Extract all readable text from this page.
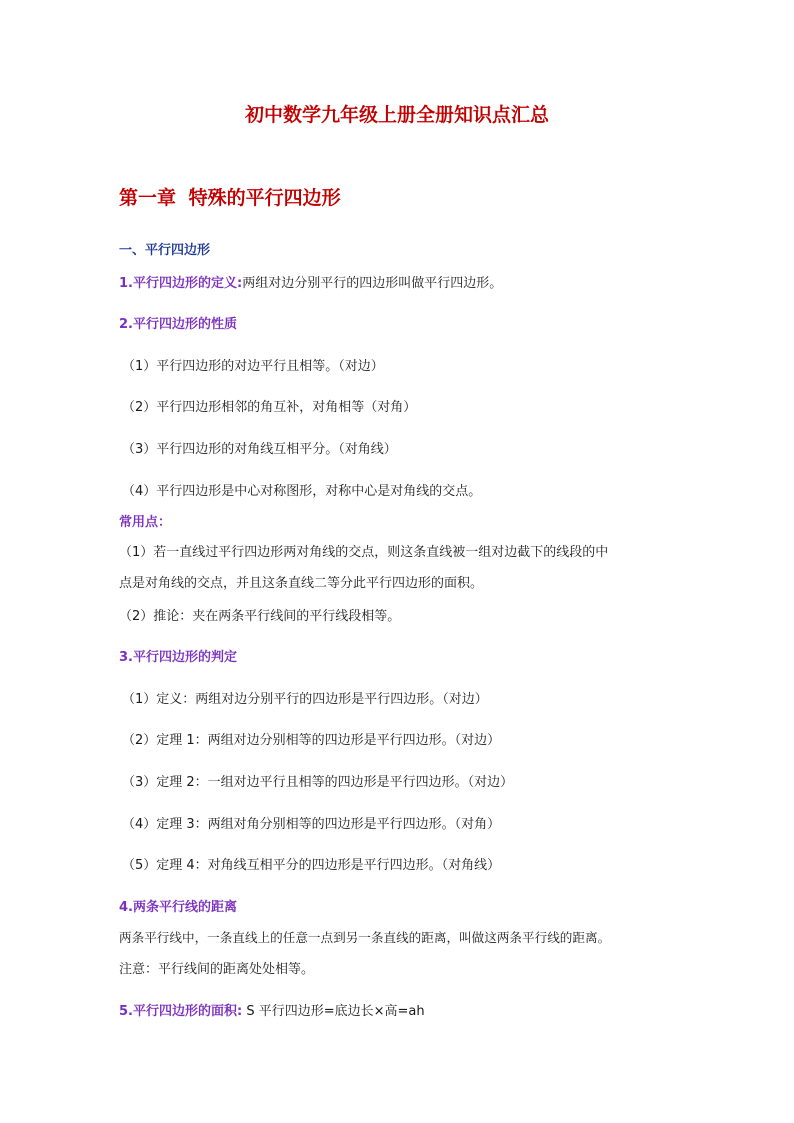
初中数学九年级上册全册知识点汇总
第一章 特殊的平行四边形
一、平行四边形
1.平行四边形的定义:两组对边分别平行的四边形叫做平行四边形。
2.平行四边形的性质
（1）平行四边形的对边平行且相等。（对边）
（2）平行四边形相邻的角互补，对角相等（对角）
（3）平行四边形的对角线互相平分。（对角线）
（4）平行四边形是中心对称图形，对称中心是对角线的交点。
常用点：
（1）若一直线过平行四边形两对角线的交点，则这条直线被一组对边截下的线段的中
点是对角线的交点，并且这条直线二等分此平行四边形的面积。
（2）推论：夹在两条平行线间的平行线段相等。
3.平行四边形的判定
（1）定义：两组对边分别平行的四边形是平行四边形。（对边）
（2）定理 1：两组对边分别相等的四边形是平行四边形。（对边）
（3）定理 2：一组对边平行且相等的四边形是平行四边形。（对边）
（4）定理 3：两组对角分别相等的四边形是平行四边形。（对角）
（5）定理 4：对角线互相平分的四边形是平行四边形。（对角线）
4.两条平行线的距离
两条平行线中，一条直线上的任意一点到另一条直线的距离，叫做这两条平行线的距离。
注意：平行线间的距离处处相等。
5.平行四边形的面积: S 平行四边形=底边长×高=ah
